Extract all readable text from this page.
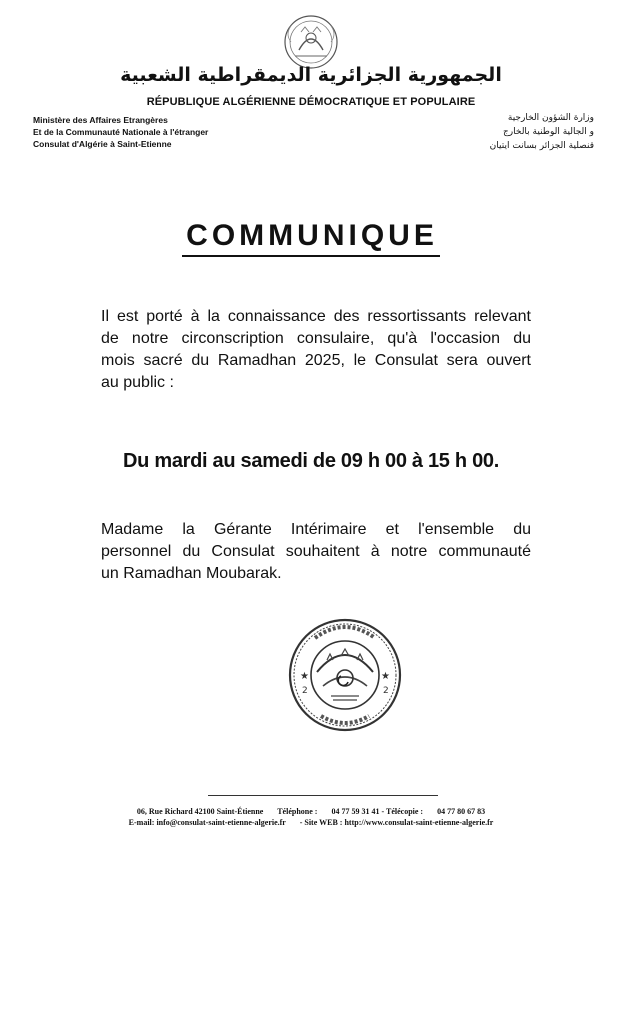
الجمهورية الجزائرية الديمقراطية الشعبية
RÉPUBLIQUE ALGÉRIENNE DÉMOCRATIQUE ET POPULAIRE
Ministère des Affaires Etrangères
Et de la Communauté Nationale à l'étranger
Consulat d'Algérie à Saint-Etienne
وزارة الشؤون الخارجية
و الجالية الوطنية بالخارج
قنصلية الجزائر بسانت ايتيان
COMMUNIQUE
Il est porté à la connaissance des ressortissants relevant
de notre circonscription consulaire, qu'à l'occasion du
mois sacré du Ramadhan 2025, le Consulat sera ouvert
au public :
Du mardi au samedi de 09 h 00 à 15 h 00.
Madame la Gérante Intérimaire et l'ensemble du
personnel du Consulat souhaitent à notre communauté
un Ramadhan Moubarak.
★
2
★
2
06, Rue Richard 42100 Saint-Étienne Téléphone : 04 77 59 31 41 - Télécopie : 04 77 80 67 83
E-mail: info@consulat-saint-etienne-algerie.fr - Site WEB : http://www.consulat-saint-etienne-algerie.fr
